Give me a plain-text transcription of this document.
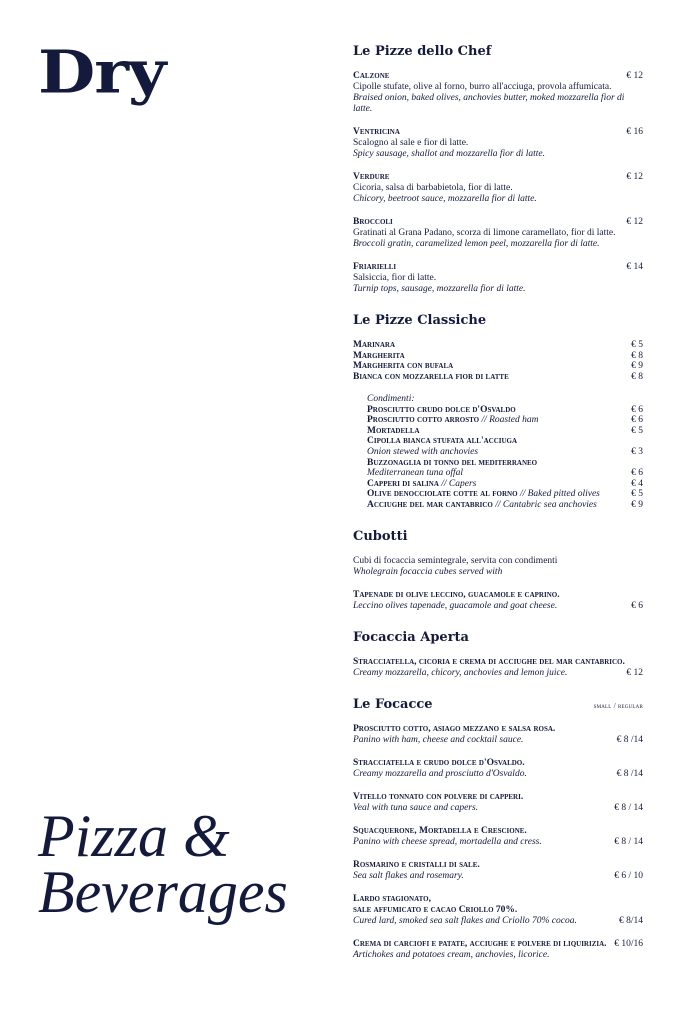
Dry
Pizza &
Beverages
Le Pizze dello Chef
Calzone	€ 12
Cipolle stufate, olive al forno, burro all'acciuga, provola affumicata.
Braised onion, baked olives, anchovies butter, moked mozzarella fior di latte.
Ventricina	€ 16
Scalogno al sale e fior di latte.
Spicy sausage, shallot and mozzarella fior di latte.
Verdure	€ 12
Cicoria, salsa di barbabietola, fior di latte.
Chicory, beetroot sauce, mozzarella fior di latte.
Broccoli	€ 12
Gratinati al Grana Padano, scorza di limone caramellato, fior di latte.
Broccoli gratin, caramelized lemon peel, mozzarella fior di latte.
Friarielli	€ 14
Salsiccia, fior di latte.
Turnip tops, sausage, mozzarella fior di latte.
Le Pizze Classiche
Marinara	€ 5
Margherita	€ 8
Margherita con bufala	€ 9
Bianca con mozzarella fior di latte	€ 8
Condimenti:
Prosciutto crudo dolce d'Osvaldo	€ 6
Prosciutto cotto arrosto // Roasted ham	€ 6
Mortadella	€ 5
Cipolla bianca stufata all'acciuga
Onion stewed with anchovies	€ 3
Buzzonaglia di tonno del mediterraneo
Mediterranean tuna offal	€ 6
Capperi di salina // Capers	€ 4
Olive denocciolate cotte al forno // Baked pitted olives	€ 5
Acciughe del mar cantabrico // Cantabric sea anchovies	€ 9
Cubotti
Cubi di focaccia semintegrale, servita con condimenti
Wholegrain focaccia cubes served with
Tapenade di olive leccino, guacamole e caprino.
Leccino olives tapenade, guacamole and goat cheese.	€ 6
Focaccia Aperta
Stracciatella, cicoria e crema di acciughe del mar cantabrico.
Creamy mozzarella, chicory, anchovies and lemon juice.	€ 12
Le Focacce	small / regular
Prosciutto cotto, asiago mezzano e salsa rosa.
Panino with ham, cheese and cocktail sauce.	€ 8 /14
Stracciatella e crudo dolce d'Osvaldo.
Creamy mozzarella and prosciutto d'Osvaldo.	€ 8 /14
Vitello tonnato con polvere di capperi.
Veal with tuna sauce and capers.	€ 8 / 14
Squacquerone, Mortadella e Crescione.
Panino with cheese spread, mortadella and cress.	€ 8 / 14
Rosmarino e cristalli di sale.
Sea salt flakes and rosemary.	€ 6 / 10
Lardo stagionato,
sale affumicato e cacao Criollo 70%.
Cured lard, smoked sea salt flakes and Criollo 70% cocoa.	€ 8/14
Crema di carciofi e patate, acciughe e polvere di liquirizia. € 10/16
Artichokes and potatoes cream, anchovies, licorice.
